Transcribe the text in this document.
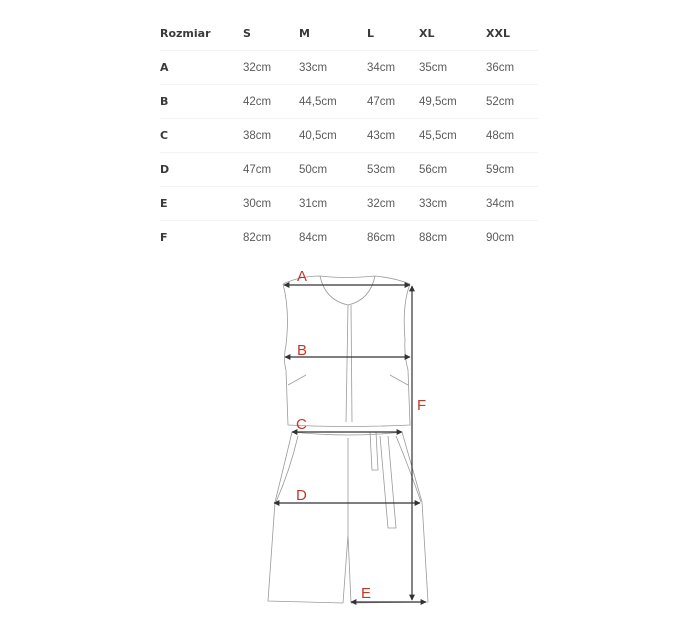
Rozmiar	S	M	L	XL	XXL
A	32cm	33cm	34cm	35cm	36cm
B	42cm	44,5cm	47cm	49,5cm	52cm
C	38cm	40,5cm	43cm	45,5cm	48cm
D	47cm	50cm	53cm	56cm	59cm
E	30cm	31cm	32cm	33cm	34cm
F	82cm	84cm	86cm	88cm	90cm
A
B
C
D
F
E
